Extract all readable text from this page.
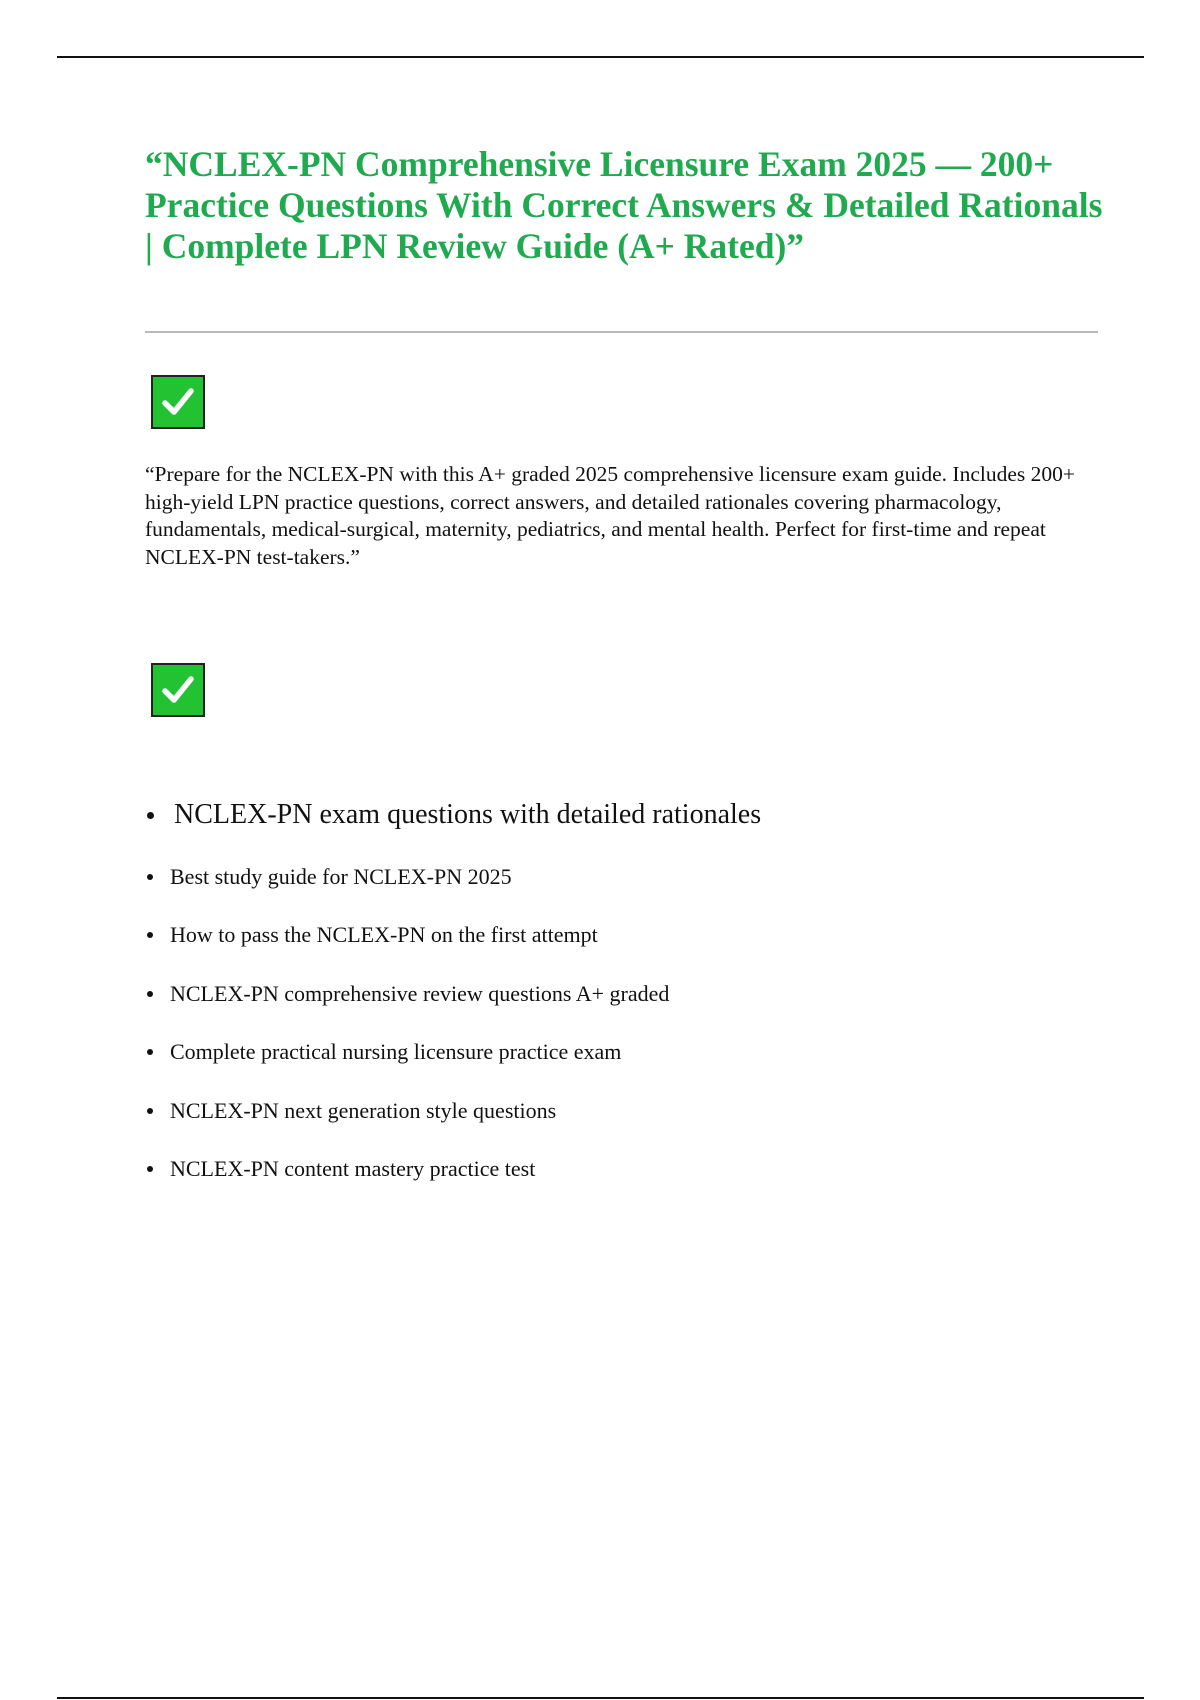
“NCLEX-PN Comprehensive Licensure Exam 2025 — 200+ Practice Questions With Correct Answers & Detailed Rationals | Complete LPN Review Guide (A+ Rated)”

“Prepare for the NCLEX-PN with this A+ graded 2025 comprehensive licensure exam guide. Includes 200+ high-yield LPN practice questions, correct answers, and detailed rationales covering pharmacology, fundamentals, medical-surgical, maternity, pediatrics, and mental health. Perfect for first-time and repeat NCLEX-PN test-takers.”

NCLEX-PN exam questions with detailed rationales
Best study guide for NCLEX-PN 2025
How to pass the NCLEX-PN on the first attempt
NCLEX-PN comprehensive review questions A+ graded
Complete practical nursing licensure practice exam
NCLEX-PN next generation style questions
NCLEX-PN content mastery practice test
